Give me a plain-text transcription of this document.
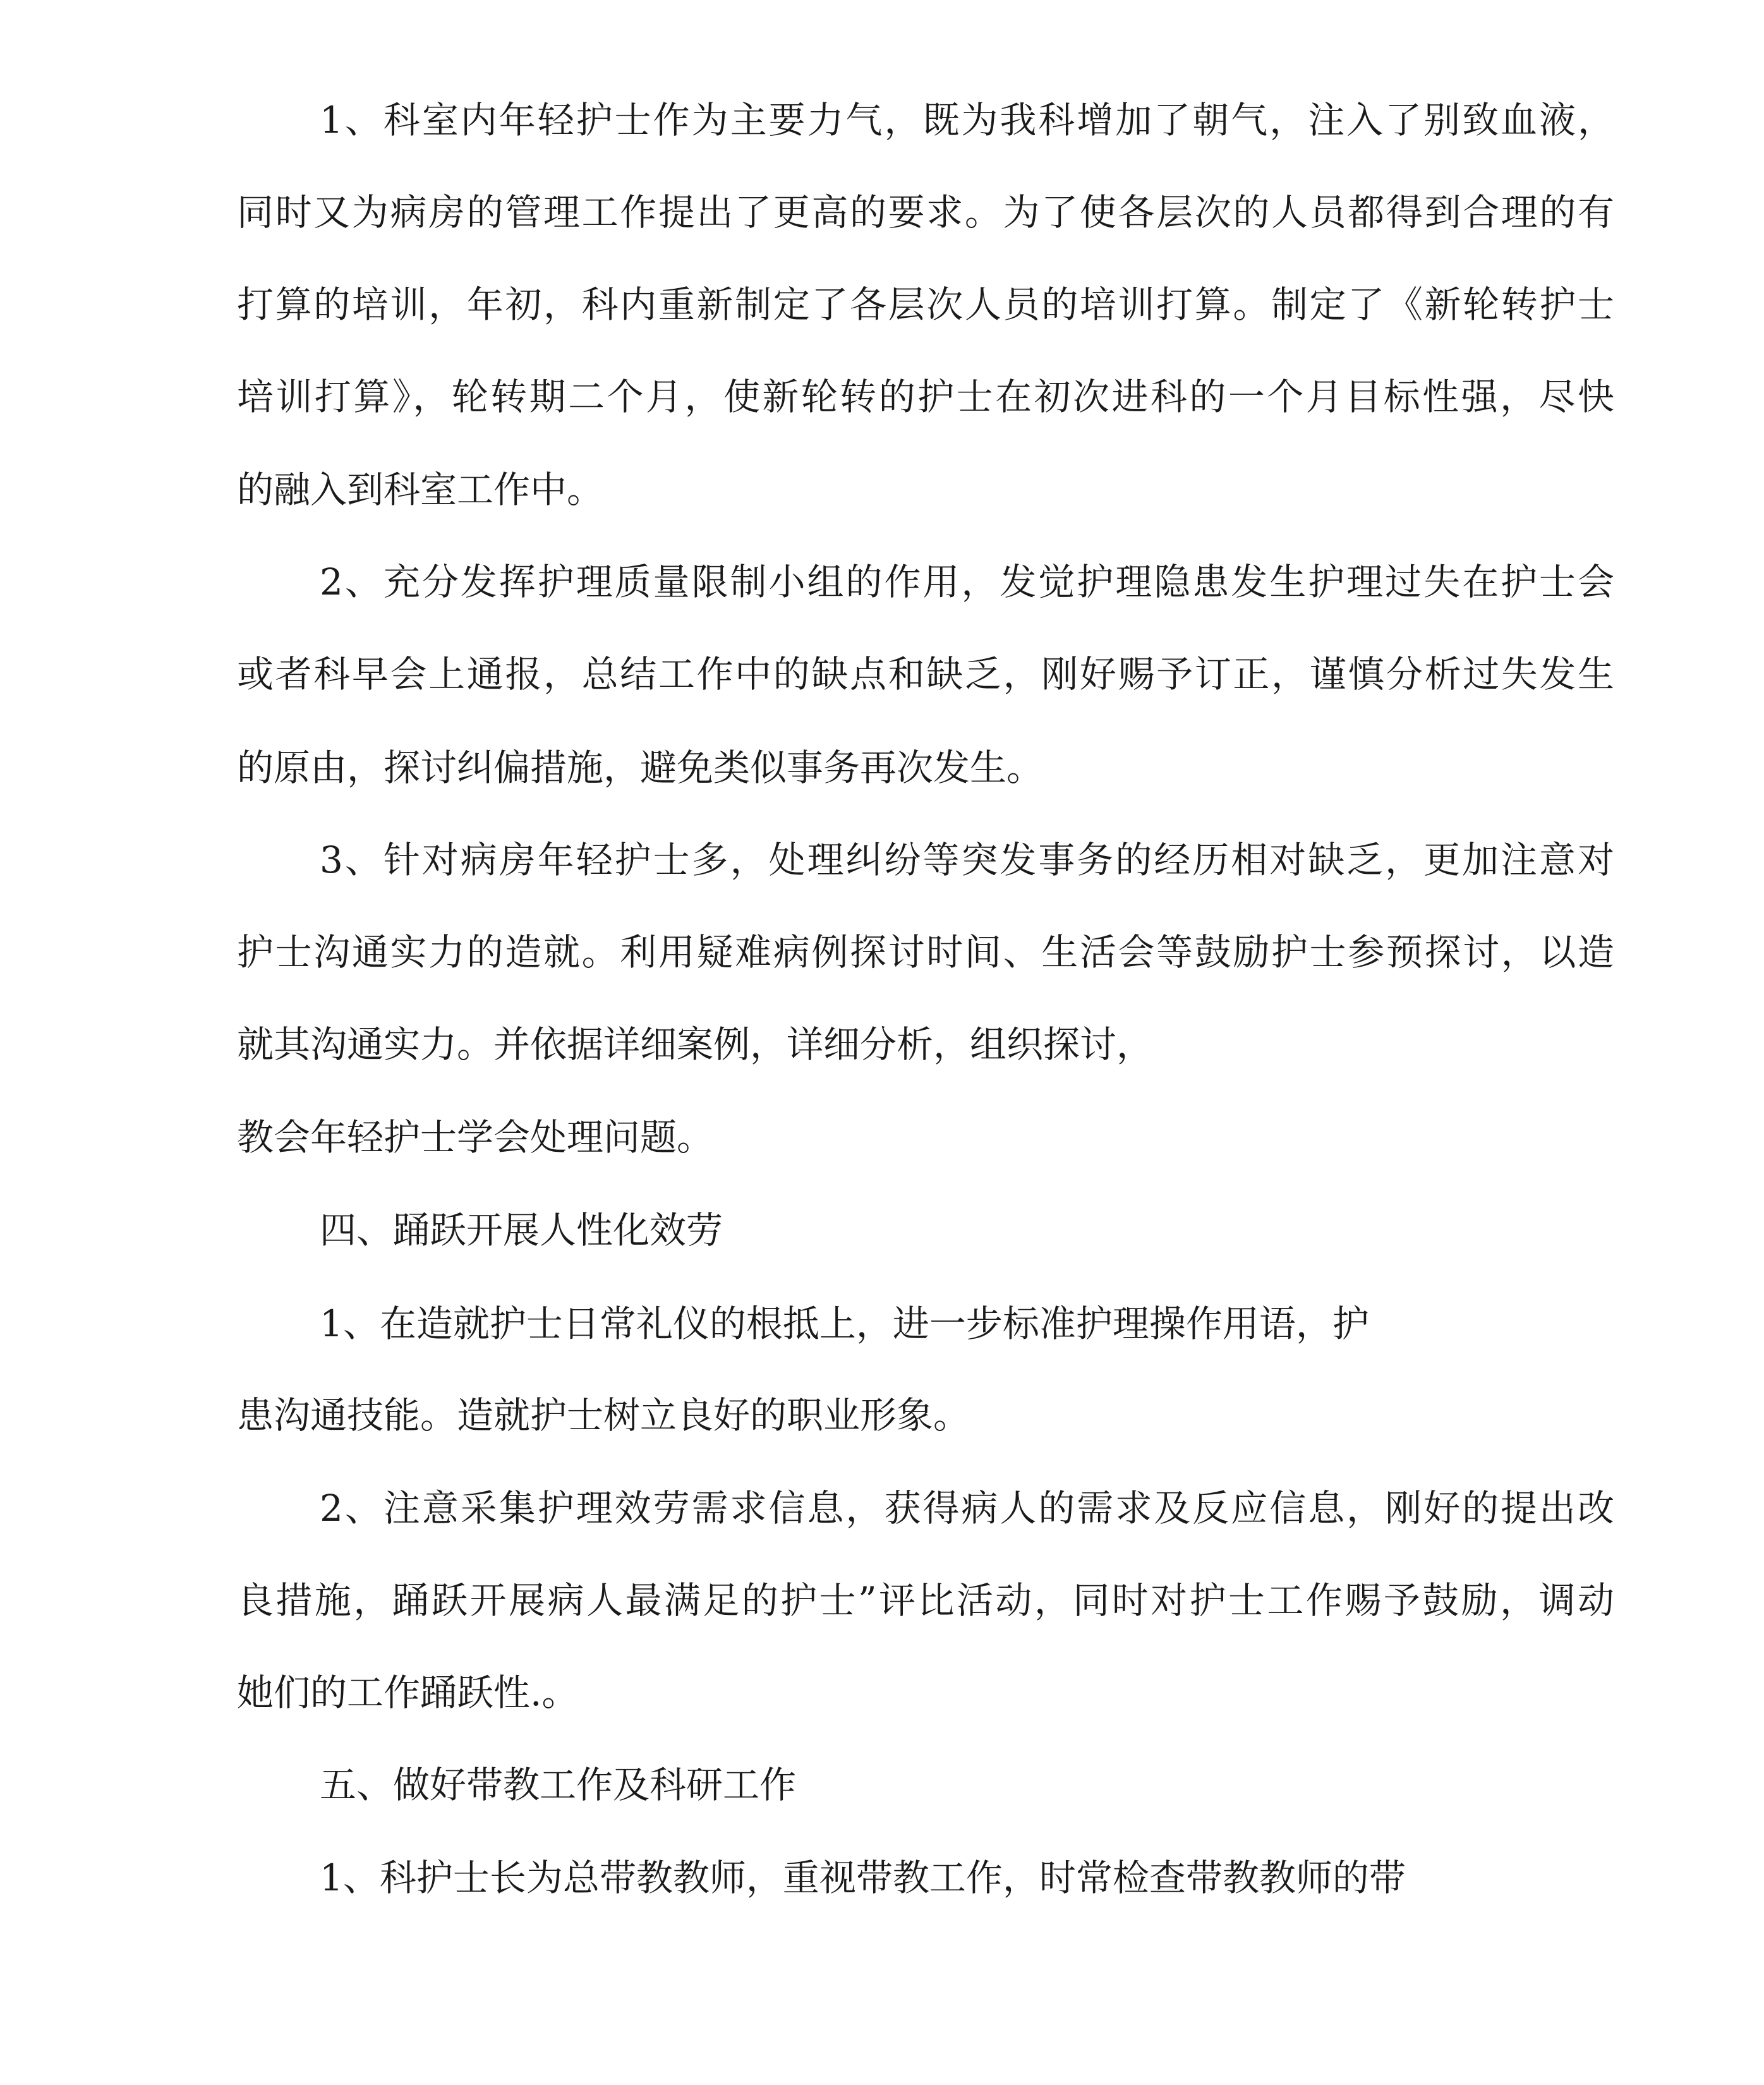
1、科室内年轻护士作为主要力气，既为我科增加了朝气，注入了别致血液，
同时又为病房的管理工作提出了更高的要求。为了使各层次的人员都得到合理的有
打算的培训，年初，科内重新制定了各层次人员的培训打算。制定了《新轮转护士
培训打算》，轮转期二个月，使新轮转的护士在初次进科的一个月目标性强，尽快
的融入到科室工作中。
2、充分发挥护理质量限制小组的作用，发觉护理隐患发生护理过失在护士会
或者科早会上通报，总结工作中的缺点和缺乏，刚好赐予订正，谨慎分析过失发生
的原由，探讨纠偏措施，避免类似事务再次发生。
3、针对病房年轻护士多，处理纠纷等突发事务的经历相对缺乏，更加注意对
护士沟通实力的造就。利用疑难病例探讨时间、生活会等鼓励护士参预探讨，以造
就其沟通实力。并依据详细案例，详细分析，组织探讨，
教会年轻护士学会处理问题。
四、踊跃开展人性化效劳
1、在造就护士日常礼仪的根抵上，进一步标准护理操作用语，护
患沟通技能。造就护士树立良好的职业形象。
2、注意采集护理效劳需求信息，获得病人的需求及反应信息，刚好的提出改
良措施，踊跃开展病人最满足的护士”评比活动，同时对护士工作赐予鼓励，调动
她们的工作踊跃性.。
五、做好带教工作及科研工作
1、科护士长为总带教教师，重视带教工作，时常检查带教教师的带
